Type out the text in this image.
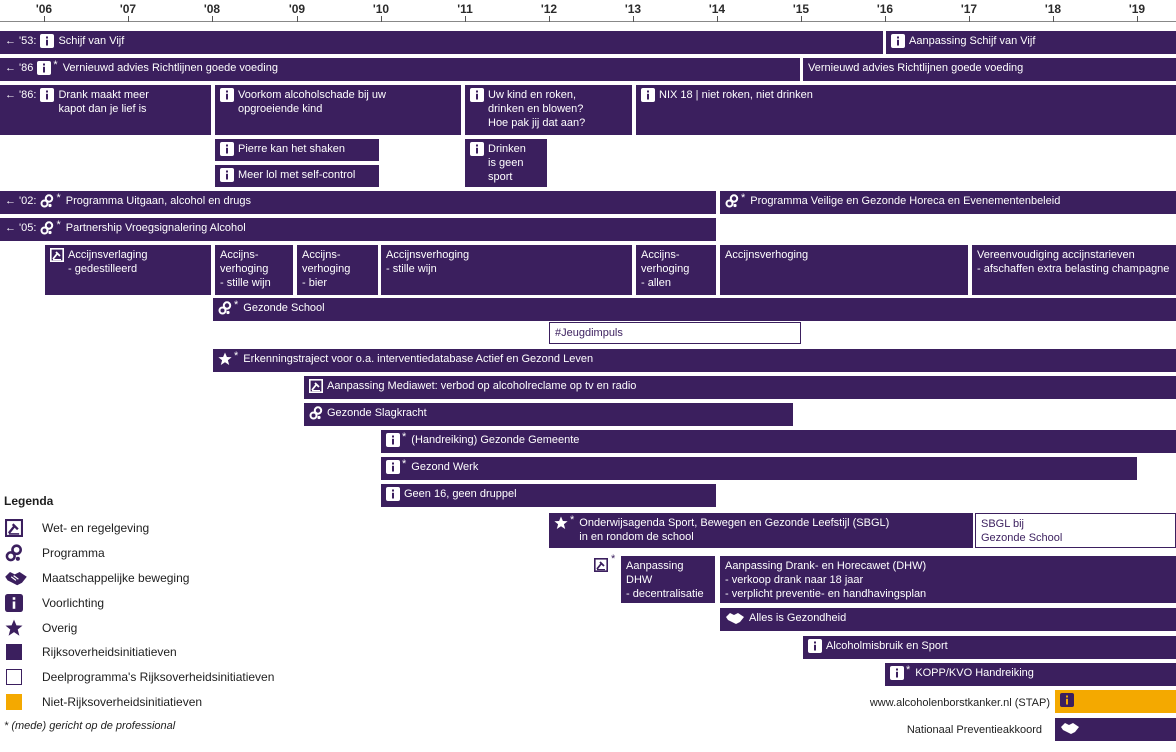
'06	'07	'08	'09	'10	'11	'12	'13	'14	'15	'16	'17	'18	'19
← '53: Schijf van Vijf	Aanpassing Schijf van Vijf
← '86 * Vernieuwd advies Richtlijnen goede voeding	Vernieuwd advies Richtlijnen goede voeding
← '86: Drank maakt meer
kapot dan je lief is
Voorkom alcoholschade bij uw
opgroeiende kind
Uw kind en roken,
drinken en blowen?
Hoe pak jij dat aan?
NIX 18 | niet roken, niet drinken
Pierre kan het shaken
Meer lol met self-control
Drinken
is geen
sport
← '02: * Programma Uitgaan, alcohol en drugs	* Programma Veilige en Gezonde Horeca en Evenementenbeleid
← '05: * Partnership Vroegsignalering Alcohol
Accijnsverlaging
- gedestilleerd
Accijns-
verhoging
- stille wijn
Accijns-
verhoging
- bier
Accijnsverhoging
- stille wijn
Accijns-
verhoging
- allen
Accijnsverhoging	Vereenvoudiging accijnstarieven
- afschaffen extra belasting champagne
* Gezonde School
#Jeugdimpuls
* Erkenningstraject voor o.a. interventiedatabase Actief en Gezond Leven
Aanpassing Mediawet: verbod op alcoholreclame op tv en radio
Gezonde Slagkracht
* (Handreiking) Gezonde Gemeente
* Gezond Werk
Geen 16, geen druppel
* Onderwijsagenda Sport, Bewegen en Gezonde Leefstijl (SBGL)
in en rondom de school
SBGL bij
Gezonde School
Aanpassing DHW
- decentralisatie
landelijk toezicht
Aanpassing Drank- en Horecawet (DHW)
- verkoop drank naar 18 jaar
- verplicht preventie- en handhavingsplan
Alles is Gezondheid
Alcoholmisbruik en Sport
* KOPP/KVO Handreiking
*
www.alcoholenborstkanker.nl (STAP)
Nationaal Preventieakkoord
Legenda
Wet- en regelgeving
Programma
Maatschappelijke beweging
Voorlichting
Overig
Rijksoverheidsinitiatieven
Deelprogramma's Rijksoverheidsinitiatieven
Niet-Rijksoverheidsinitiatieven
* (mede) gericht op de professional
